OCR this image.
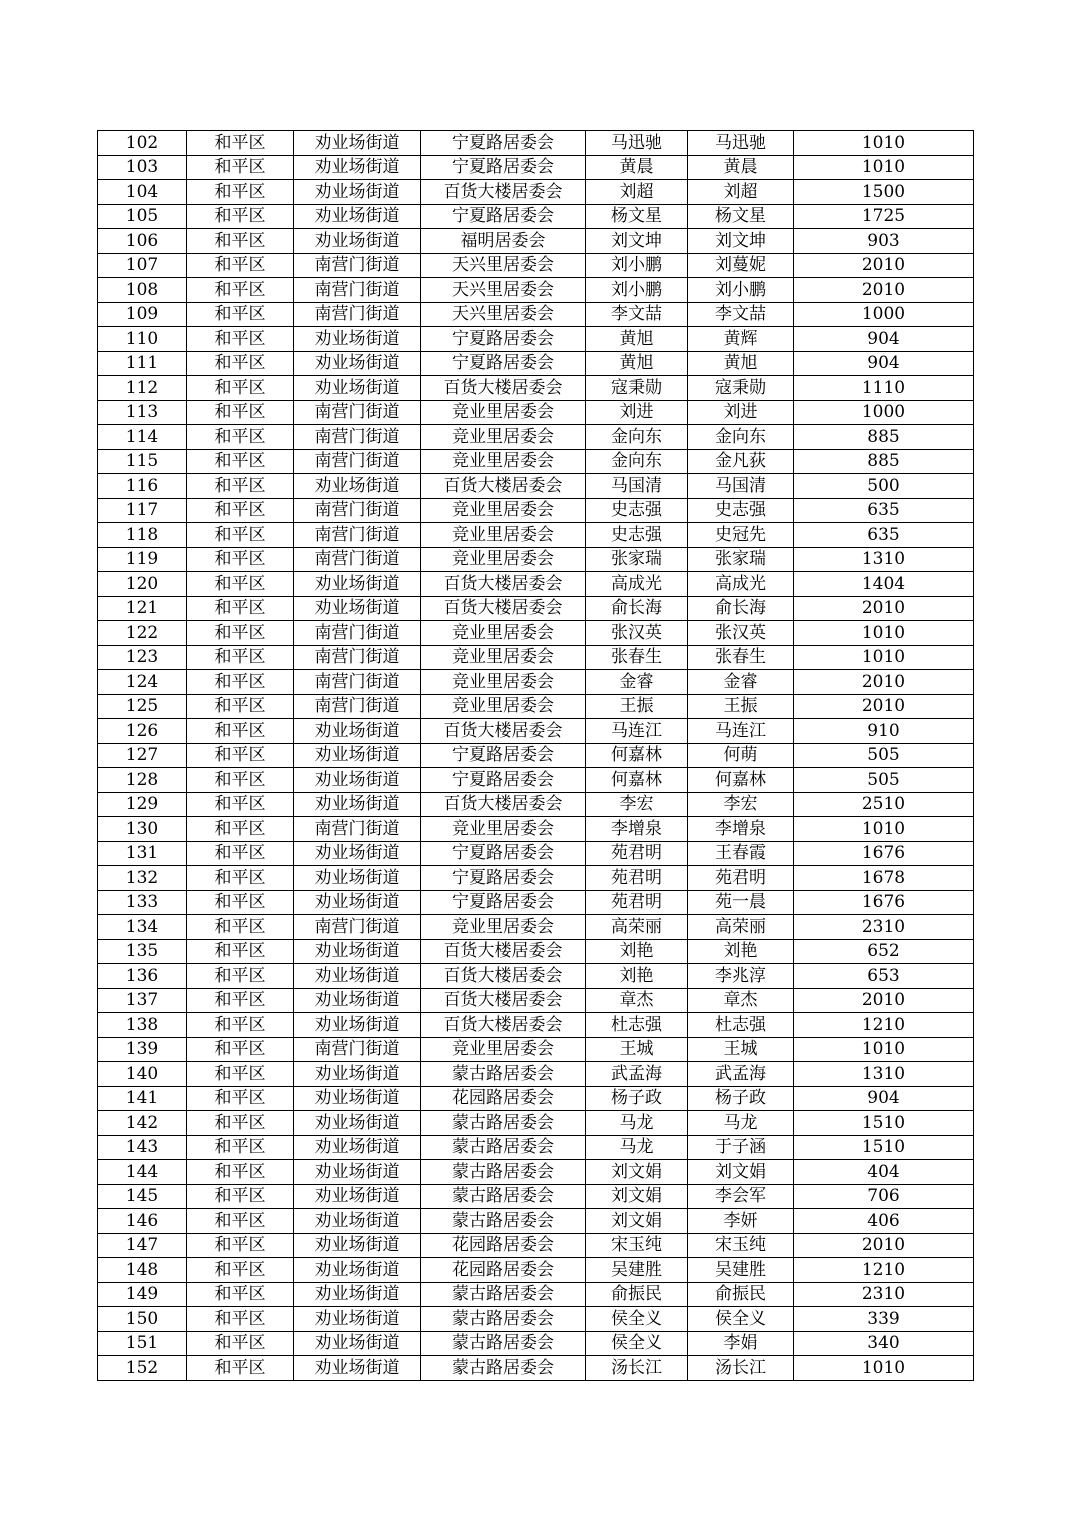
102	和平区	劝业场街道	宁夏路居委会	马迅驰	马迅驰	1010
103	和平区	劝业场街道	宁夏路居委会	黄晨	黄晨	1010
104	和平区	劝业场街道	百货大楼居委会	刘超	刘超	1500
105	和平区	劝业场街道	宁夏路居委会	杨文星	杨文星	1725
106	和平区	劝业场街道	福明居委会	刘文坤	刘文坤	903
107	和平区	南营门街道	天兴里居委会	刘小鹏	刘蔓妮	2010
108	和平区	南营门街道	天兴里居委会	刘小鹏	刘小鹏	2010
109	和平区	南营门街道	天兴里居委会	李文喆	李文喆	1000
110	和平区	劝业场街道	宁夏路居委会	黄旭	黄辉	904
111	和平区	劝业场街道	宁夏路居委会	黄旭	黄旭	904
112	和平区	劝业场街道	百货大楼居委会	寇秉勋	寇秉勋	1110
113	和平区	南营门街道	竞业里居委会	刘进	刘进	1000
114	和平区	南营门街道	竞业里居委会	金向东	金向东	885
115	和平区	南营门街道	竞业里居委会	金向东	金凡荻	885
116	和平区	劝业场街道	百货大楼居委会	马国清	马国清	500
117	和平区	南营门街道	竞业里居委会	史志强	史志强	635
118	和平区	南营门街道	竞业里居委会	史志强	史冠先	635
119	和平区	南营门街道	竞业里居委会	张家瑞	张家瑞	1310
120	和平区	劝业场街道	百货大楼居委会	高成光	高成光	1404
121	和平区	劝业场街道	百货大楼居委会	俞长海	俞长海	2010
122	和平区	南营门街道	竞业里居委会	张汉英	张汉英	1010
123	和平区	南营门街道	竞业里居委会	张春生	张春生	1010
124	和平区	南营门街道	竞业里居委会	金睿	金睿	2010
125	和平区	南营门街道	竞业里居委会	王振	王振	2010
126	和平区	劝业场街道	百货大楼居委会	马连江	马连江	910
127	和平区	劝业场街道	宁夏路居委会	何嘉林	何萌	505
128	和平区	劝业场街道	宁夏路居委会	何嘉林	何嘉林	505
129	和平区	劝业场街道	百货大楼居委会	李宏	李宏	2510
130	和平区	南营门街道	竞业里居委会	李增泉	李增泉	1010
131	和平区	劝业场街道	宁夏路居委会	苑君明	王春霞	1676
132	和平区	劝业场街道	宁夏路居委会	苑君明	苑君明	1678
133	和平区	劝业场街道	宁夏路居委会	苑君明	苑一晨	1676
134	和平区	南营门街道	竞业里居委会	高荣丽	高荣丽	2310
135	和平区	劝业场街道	百货大楼居委会	刘艳	刘艳	652
136	和平区	劝业场街道	百货大楼居委会	刘艳	李兆淳	653
137	和平区	劝业场街道	百货大楼居委会	章杰	章杰	2010
138	和平区	劝业场街道	百货大楼居委会	杜志强	杜志强	1210
139	和平区	南营门街道	竞业里居委会	王城	王城	1010
140	和平区	劝业场街道	蒙古路居委会	武孟海	武孟海	1310
141	和平区	劝业场街道	花园路居委会	杨子政	杨子政	904
142	和平区	劝业场街道	蒙古路居委会	马龙	马龙	1510
143	和平区	劝业场街道	蒙古路居委会	马龙	于子涵	1510
144	和平区	劝业场街道	蒙古路居委会	刘文娟	刘文娟	404
145	和平区	劝业场街道	蒙古路居委会	刘文娟	李会军	706
146	和平区	劝业场街道	蒙古路居委会	刘文娟	李妍	406
147	和平区	劝业场街道	花园路居委会	宋玉纯	宋玉纯	2010
148	和平区	劝业场街道	花园路居委会	吴建胜	吴建胜	1210
149	和平区	劝业场街道	蒙古路居委会	俞振民	俞振民	2310
150	和平区	劝业场街道	蒙古路居委会	侯全义	侯全义	339
151	和平区	劝业场街道	蒙古路居委会	侯全义	李娟	340
152	和平区	劝业场街道	蒙古路居委会	汤长江	汤长江	1010
